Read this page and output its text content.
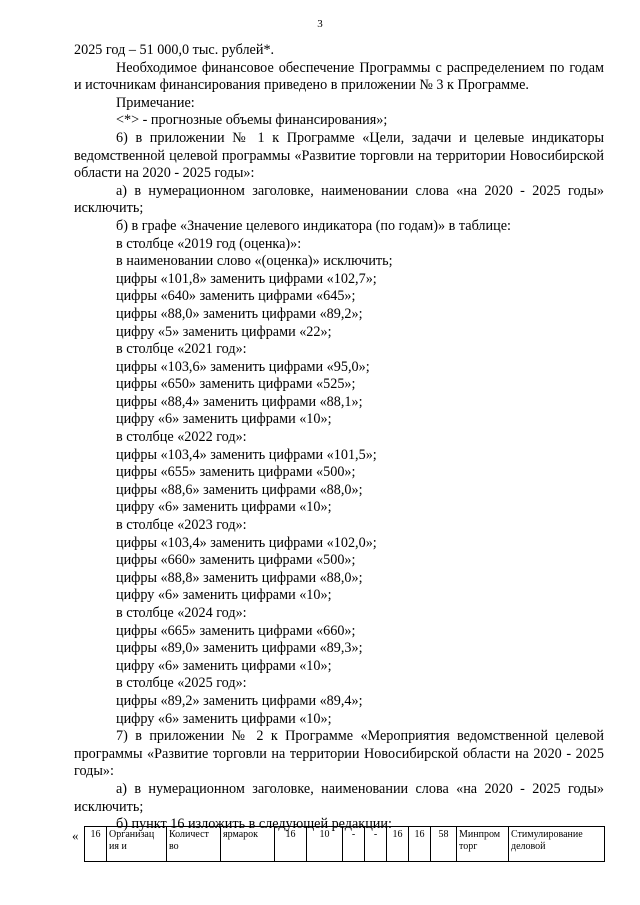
3

2025 год – 51 000,0 тыс. рублей*.

Необходимое финансовое обеспечение Программы с распределением по годам и источникам финансирования приведено в приложении № 3 к Программе.

Примечание:

<*> - прогнозные объемы финансирования»;

6) в приложении № 1 к Программе «Цели, задачи и целевые индикаторы ведомственной целевой программы «Развитие торговли на территории Новосибирской области на 2020 - 2025 годы»:

а) в нумерационном заголовке, наименовании слова «на 2020 - 2025 годы» исключить;

б) в графе «Значение целевого индикатора (по годам)» в таблице:

в столбце «2019 год (оценка)»:

в наименовании слово «(оценка)» исключить;

цифры «101,8» заменить цифрами «102,7»;

цифры «640» заменить цифрами «645»;

цифры «88,0» заменить цифрами «89,2»;

цифру «5» заменить цифрами «22»;

в столбце «2021 год»:

цифры «103,6» заменить цифрами «95,0»;

цифры «650» заменить цифрами «525»;

цифры «88,4» заменить цифрами «88,1»;

цифру «6» заменить цифрами «10»;

в столбце «2022 год»:

цифры «103,4» заменить цифрами «101,5»;

цифры «655» заменить цифрами «500»;

цифры «88,6» заменить цифрами «88,0»;

цифру «6» заменить цифрами «10»;

в столбце «2023 год»:

цифры «103,4» заменить цифрами «102,0»;

цифры «660» заменить цифрами «500»;

цифры «88,8» заменить цифрами «88,0»;

цифру «6» заменить цифрами «10»;

в столбце «2024 год»:

цифры «665» заменить цифрами «660»;

цифры «89,0» заменить цифрами «89,3»;

цифру «6» заменить цифрами «10»;

в столбце «2025 год»:

цифры «89,2» заменить цифрами «89,4»;

цифру «6» заменить цифрами «10»;

7) в приложении № 2 к Программе «Мероприятия ведомственной целевой программы «Развитие торговли на территории Новосибирской области на 2020 - 2025 годы»:

а) в нумерационном заголовке, наименовании слова «на 2020 - 2025 годы» исключить;

б) пункт 16 изложить в следующей редакции:

« 16	Организац ия и	Количест во	ярмарок	16	10	-	-	16	16	58	Минпром торг	Стимулирование деловой
